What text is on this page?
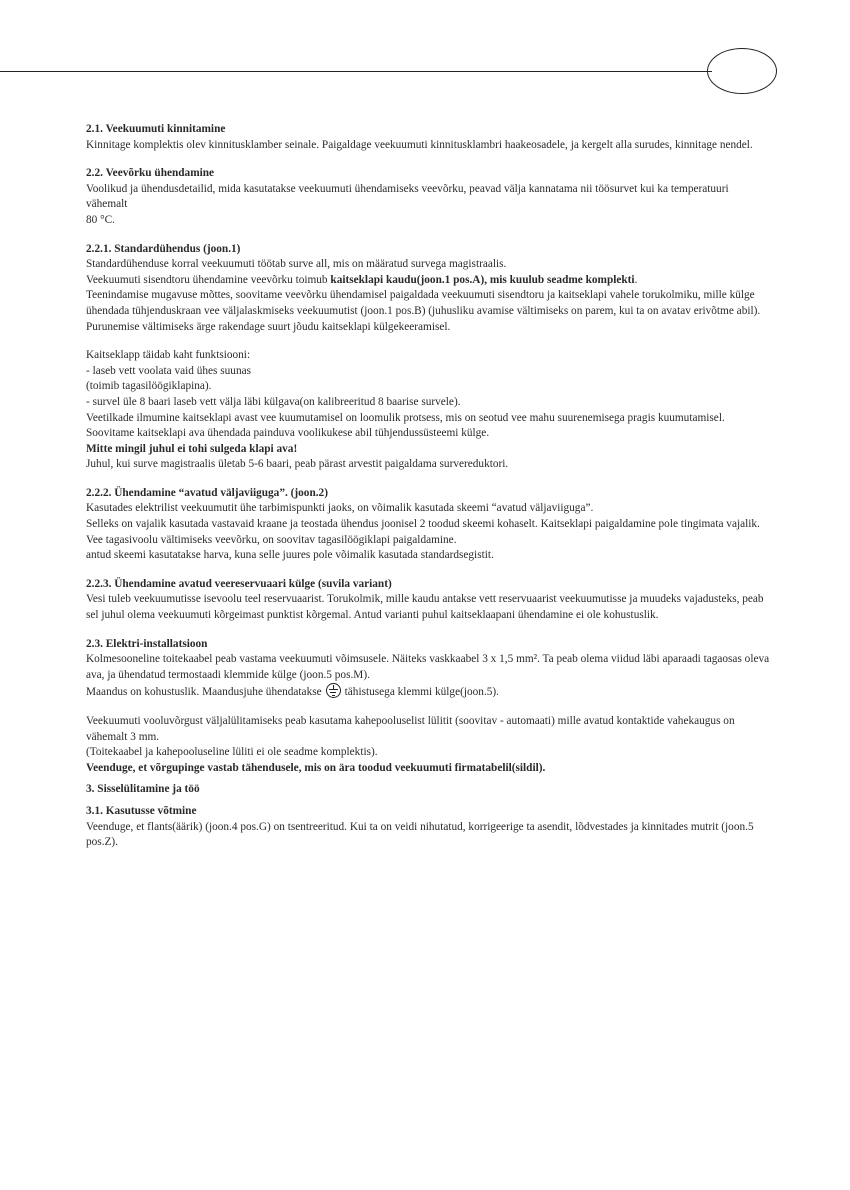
2.1. Veekuumuti kinnitamine

Kinnitage komplektis olev kinnitusklamber seinale. Paigaldage veekuumuti kinnitusklambri haakeosadele, ja kergelt alla surudes, kinnitage nendel.

2.2. Veevõrku ühendamine

Voolikud ja ühendusdetailid, mida kasutatakse veekuumuti ühendamiseks veevõrku, peavad välja kannatama nii töösurvet kui ka temperatuuri vähemalt

80 °C.

2.2.1. Standardühendus (joon.1)

Standardühenduse korral veekuumuti töötab surve all, mis on määratud survega magistraalis.

Veekuumuti sisendtoru ühendamine veevõrku toimub kaitseklapi kaudu(joon.1 pos.A), mis kuulub seadme komplekti.

Teenindamise mugavuse mõttes, soovitame veevõrku ühendamisel paigaldada veekuumuti sisendtoru ja kaitseklapi vahele torukolmiku, mille külge ühendada tühjenduskraan vee väljalaskmiseks veekuumutist (joon.1 pos.B) (juhusliku avamise vältimiseks on parem, kui ta on avatav erivõtme abil).

Purunemise vältimiseks ärge rakendage suurt jõudu kaitseklapi külgekeeramisel.

Kaitseklapp täidab kaht funktsiooni:

- laseb vett voolata vaid ühes suunas

(toimib tagasilöögiklapina).

- survel üle 8 baari laseb vett välja läbi külgava(on kalibreeritud 8 baarise survele).

Veetilkade ilmumine kaitseklapi avast vee kuumutamisel on loomulik protsess, mis on seotud vee mahu suurenemisega pragis kuumutamisel. Soovitame kaitseklapi ava ühendada painduva voolikukese abil tühjendussüsteemi külge.

Mitte mingil juhul ei tohi sulgeda klapi ava!

Juhul, kui surve magistraalis ületab 5-6 baari, peab pärast arvestit paigaldama survereduktori.

2.2.2. Ühendamine “avatud väljaviiguga”. (joon.2)

Kasutades elektrilist veekuumutit ühe tarbimispunkti jaoks, on võimalik kasutada skeemi “avatud väljaviiguga”.

Selleks on vajalik kasutada vastavaid kraane ja teostada ühendus joonisel 2 toodud skeemi kohaselt. Kaitseklapi paigaldamine pole tingimata vajalik. Vee tagasivoolu vältimiseks veevõrku, on soovitav tagasilöögiklapi paigaldamine.

antud skeemi kasutatakse harva, kuna selle juures pole võimalik kasutada standardsegistit.

2.2.3. Ühendamine avatud veereservuaari külge (suvila variant)

Vesi tuleb veekuumutisse isevoolu teel reservuaarist. Torukolmik, mille kaudu antakse vett reservuaarist veekuumutisse ja muudeks vajadusteks, peab sel juhul olema veekuumuti kõrgeimast punktist kõrgemal. Antud varianti puhul kaitseklaapani ühendamine ei ole kohustuslik.

2.3. Elektri-installatsioon

Kolmesooneline toitekaabel peab vastama veekuumuti võimsusele. Näiteks vaskkaabel 3 x 1,5 mm². Ta peab olema viidud läbi aparaadi tagaosas oleva ava, ja ühendatud termostaadi klemmide külge (joon.5 pos.M).

Maandus on kohustuslik. Maandusjuhe ühendatakse tähistusega klemmi külge(joon.5).

Veekuumuti vooluvõrgust väljalülitamiseks peab kasutama kahepooluselist lülitit (soovitav - automaati) mille avatud kontaktide vahekaugus on vähemalt 3 mm.

(Toitekaabel ja kahepooluseline lüliti ei ole seadme komplektis).

Veenduge, et võrgupinge vastab tähendusele, mis on ära toodud veekuumuti firmatabelil(sildil).

3. Sisselülitamine ja töö

3.1. Kasutusse võtmine

Veenduge, et flants(äärik) (joon.4 pos.G) on tsentreeritud. Kui ta on veidi nihutatud, korrigeerige ta asendit, lõdvestades ja kinnitades mutrit (joon.5 pos.Z).
